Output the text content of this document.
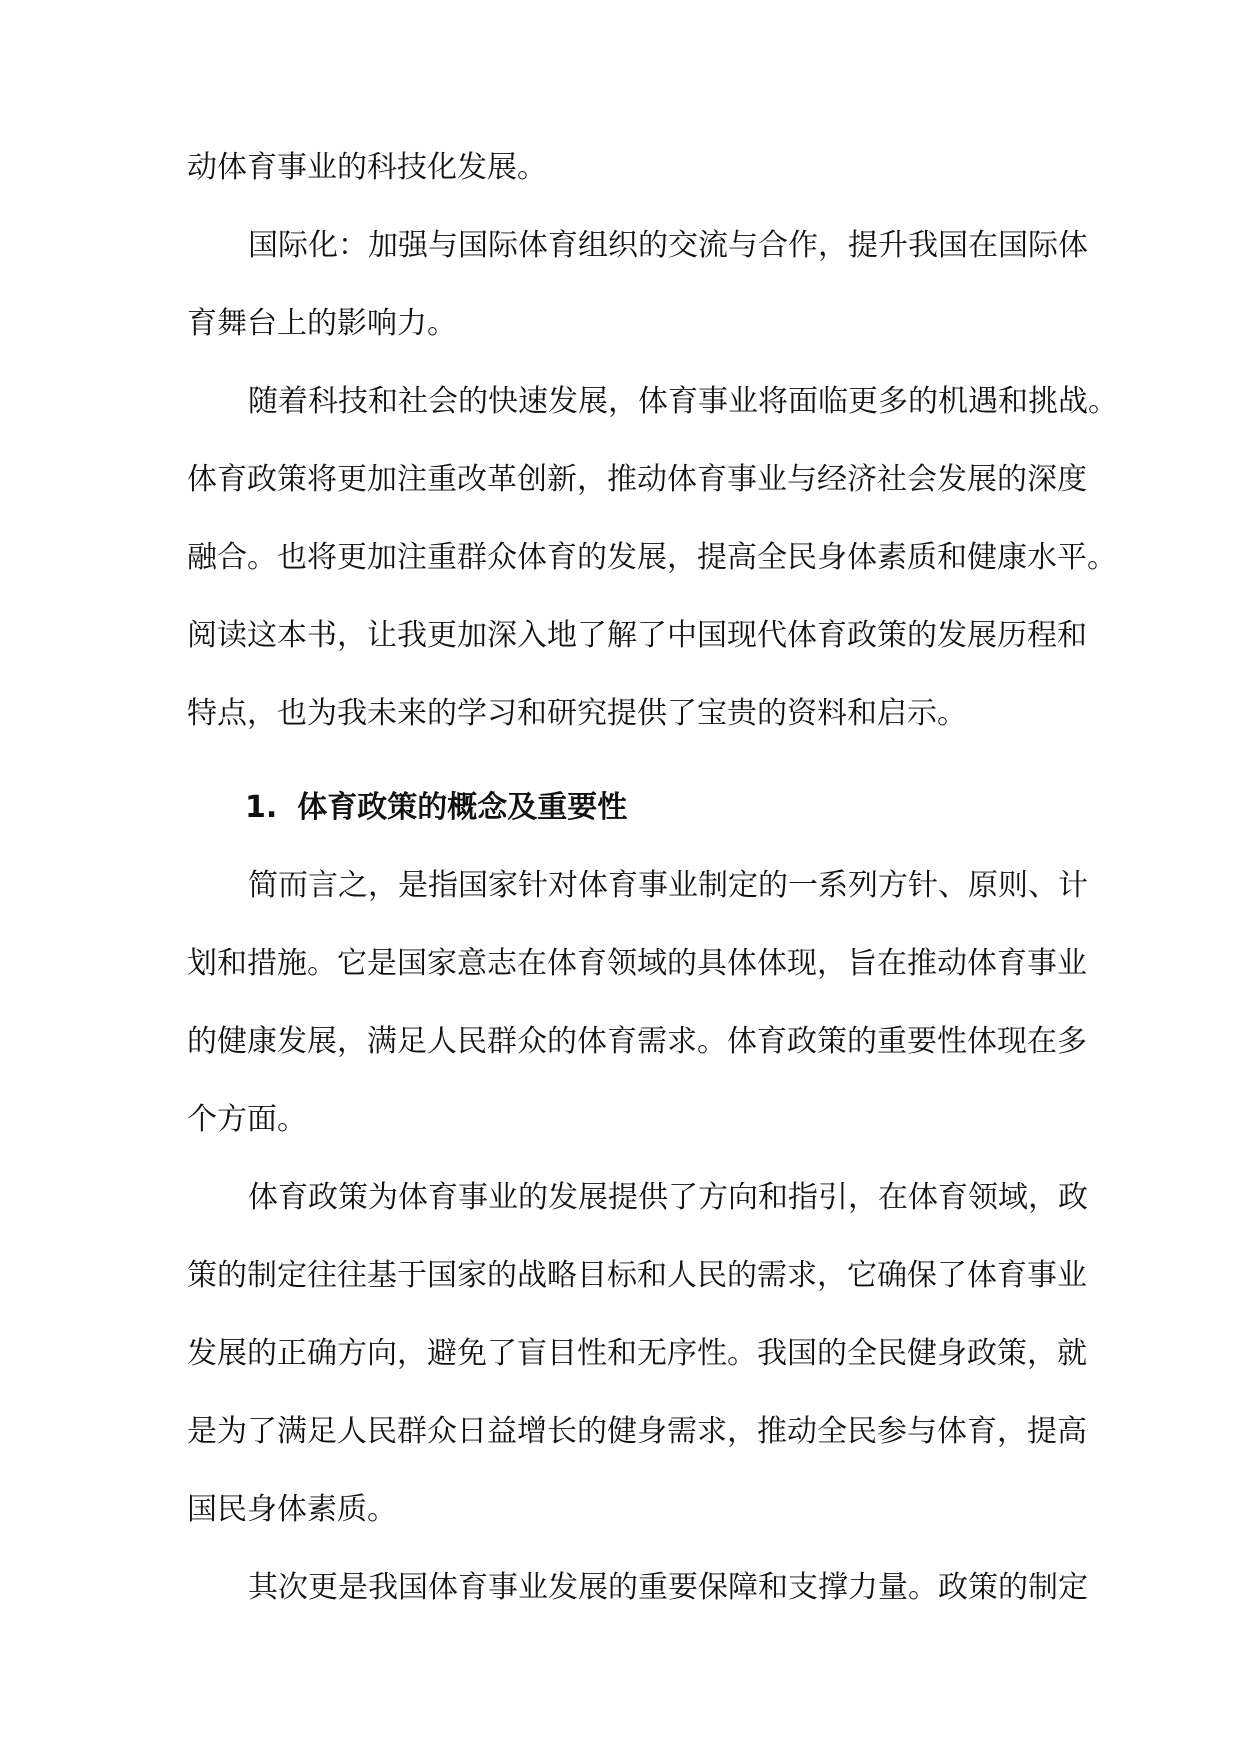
动体育事业的科技化发展。
国际化：加强与国际体育组织的交流与合作，提升我国在国际体
育舞台上的影响力。
随着科技和社会的快速发展，体育事业将面临更多的机遇和挑战。
体育政策将更加注重改革创新，推动体育事业与经济社会发展的深度
融合。也将更加注重群众体育的发展，提高全民身体素质和健康水平。
阅读这本书，让我更加深入地了解了中国现代体育政策的发展历程和
特点，也为我未来的学习和研究提供了宝贵的资料和启示。
1. 体育政策的概念及重要性
简而言之，是指国家针对体育事业制定的一系列方针、原则、计
划和措施。它是国家意志在体育领域的具体体现，旨在推动体育事业
的健康发展，满足人民群众的体育需求。体育政策的重要性体现在多
个方面。
体育政策为体育事业的发展提供了方向和指引，在体育领域，政
策的制定往往基于国家的战略目标和人民的需求，它确保了体育事业
发展的正确方向，避免了盲目性和无序性。我国的全民健身政策，就
是为了满足人民群众日益增长的健身需求，推动全民参与体育，提高
国民身体素质。
其次更是我国体育事业发展的重要保障和支撑力量。政策的制定
